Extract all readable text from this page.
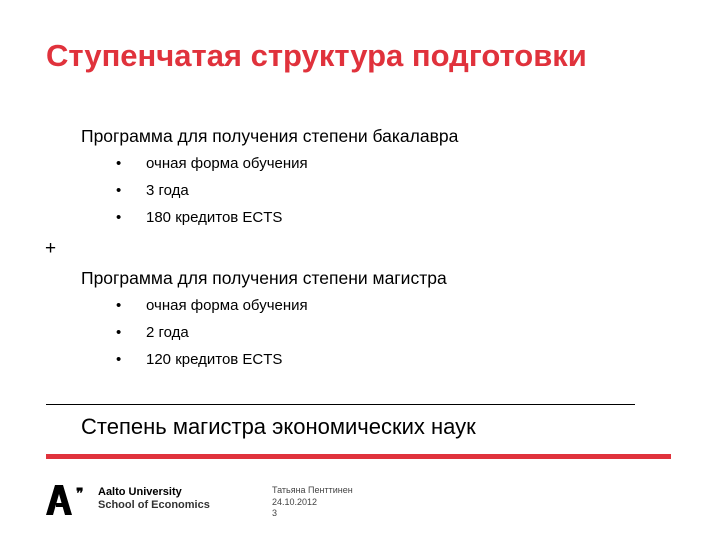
Ступенчатая структура подготовки
Программа для получения степени бакалавра
• очная форма обучения
• 3 года
• 180 кредитов ECTS
+
Программа для получения степени магистра
• очная форма обучения
• 2 года
• 120 кредитов ECTS
Степень магистра экономических наук
❞ Aalto University
School of Economics
Татьяна Пенттинен
24.10.2012
3
